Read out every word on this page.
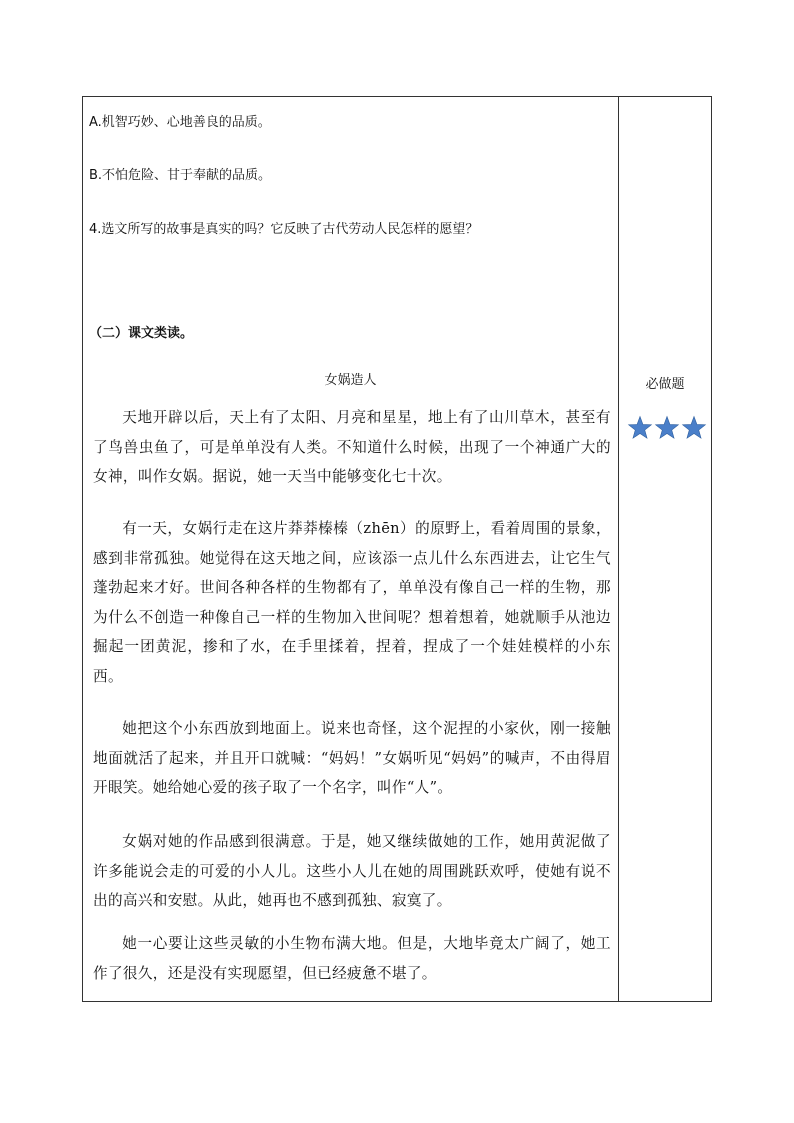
A.机智巧妙、心地善良的品质。
B.不怕危险、甘于奉献的品质。
4.选文所写的故事是真实的吗？它反映了古代劳动人民怎样的愿望？
（二）课文类读。
女娲造人
天地开辟以后，天上有了太阳、月亮和星星，地上有了山川草木，甚至有了鸟兽虫鱼了，可是单单没有人类。不知道什么时候，出现了一个神通广大的女神，叫作女娲。据说，她一天当中能够变化七十次。
有一天，女娲行走在这片莽莽榛榛（zhēn）的原野上，看着周围的景象，感到非常孤独。她觉得在这天地之间，应该添一点儿什么东西进去，让它生气蓬勃起来才好。世间各种各样的生物都有了，单单没有像自己一样的生物，那为什么不创造一种像自己一样的生物加入世间呢？想着想着，她就顺手从池边掘起一团黄泥，掺和了水，在手里揉着，捏着，捏成了一个娃娃模样的小东西。
她把这个小东西放到地面上。说来也奇怪，这个泥捏的小家伙，刚一接触地面就活了起来，并且开口就喊：“妈妈！”女娲听见“妈妈”的喊声，不由得眉开眼笑。她给她心爱的孩子取了一个名字，叫作“人”。
女娲对她的作品感到很满意。于是，她又继续做她的工作，她用黄泥做了许多能说会走的可爱的小人儿。这些小人儿在她的周围跳跃欢呼，使她有说不出的高兴和安慰。从此，她再也不感到孤独、寂寞了。
她一心要让这些灵敏的小生物布满大地。但是，大地毕竟太广阔了，她工作了很久，还是没有实现愿望，但已经疲惫不堪了。
必做题
